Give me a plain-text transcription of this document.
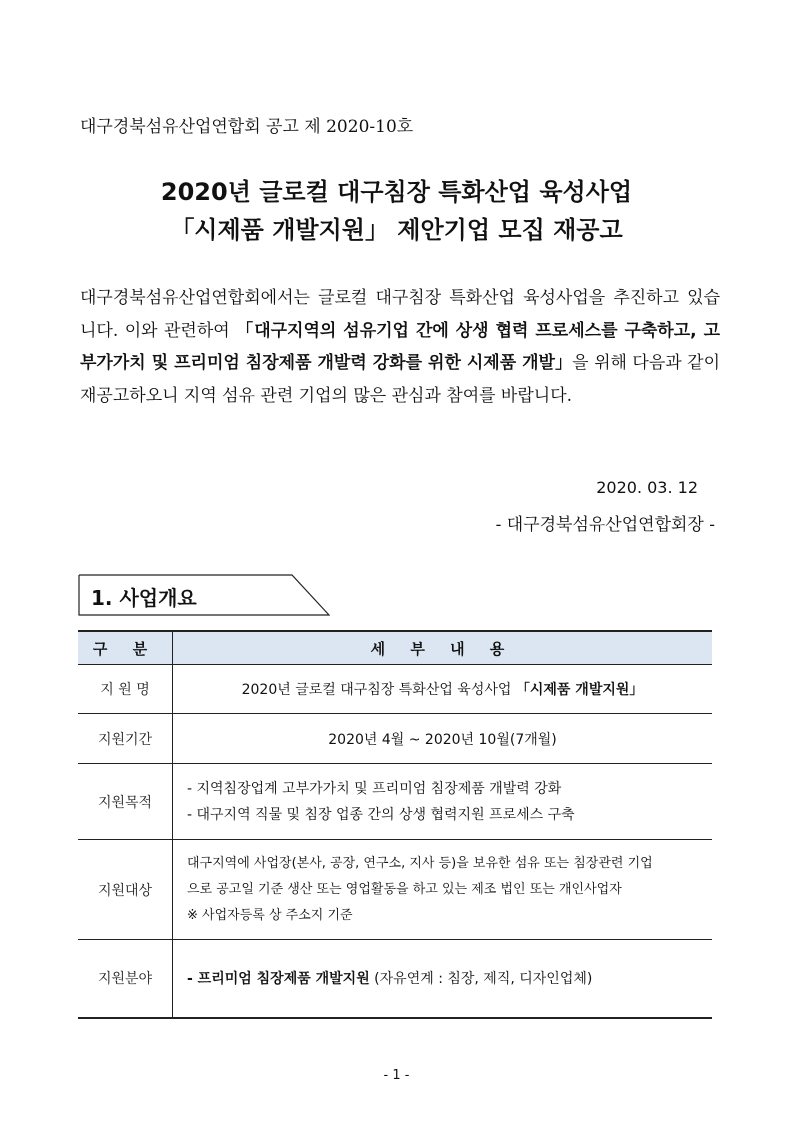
대구경북섬유산업연합회 공고 제 2020-10호
2020년 글로컬 대구침장 특화산업 육성사업
「시제품 개발지원」 제안기업 모집 재공고
대구경북섬유산업연합회에서는 글로컬 대구침장 특화산업 육성사업을 추진하고 있습니다. 이와 관련하여 「대구지역의 섬유기업 간에 상생 협력 프로세스를 구축하고, 고부가가치 및 프리미엄 침장제품 개발력 강화를 위한 시제품 개발」을 위해 다음과 같이 재공고하오니 지역 섬유 관련 기업의 많은 관심과 참여를 바랍니다.
2020. 03. 12
- 대구경북섬유산업연합회장 -
1. 사업개요
구 분	세 부 내 용
지 원 명	2020년 글로컬 대구침장 특화산업 육성사업 「시제품 개발지원」
지원기간	2020년 4월 ~ 2020년 10월(7개월)
지원목적	- 지역침장업계 고부가가치 및 프리미엄 침장제품 개발력 강화
- 대구지역 직물 및 침장 업종 간의 상생 협력지원 프로세스 구축

지원대상	대구지역에 사업장(본사, 공장, 연구소, 지사 등)을 보유한 섬유 또는 침장관련 기업
으로 공고일 기준 생산 또는 영업활동을 하고 있는 제조 법인 또는 개인사업자
※ 사업자등록 상 주소지 기준

지원분야	- 프리미엄 침장제품 개발지원 (자유연계 : 침장, 제직, 디자인업체)
- 1 -
